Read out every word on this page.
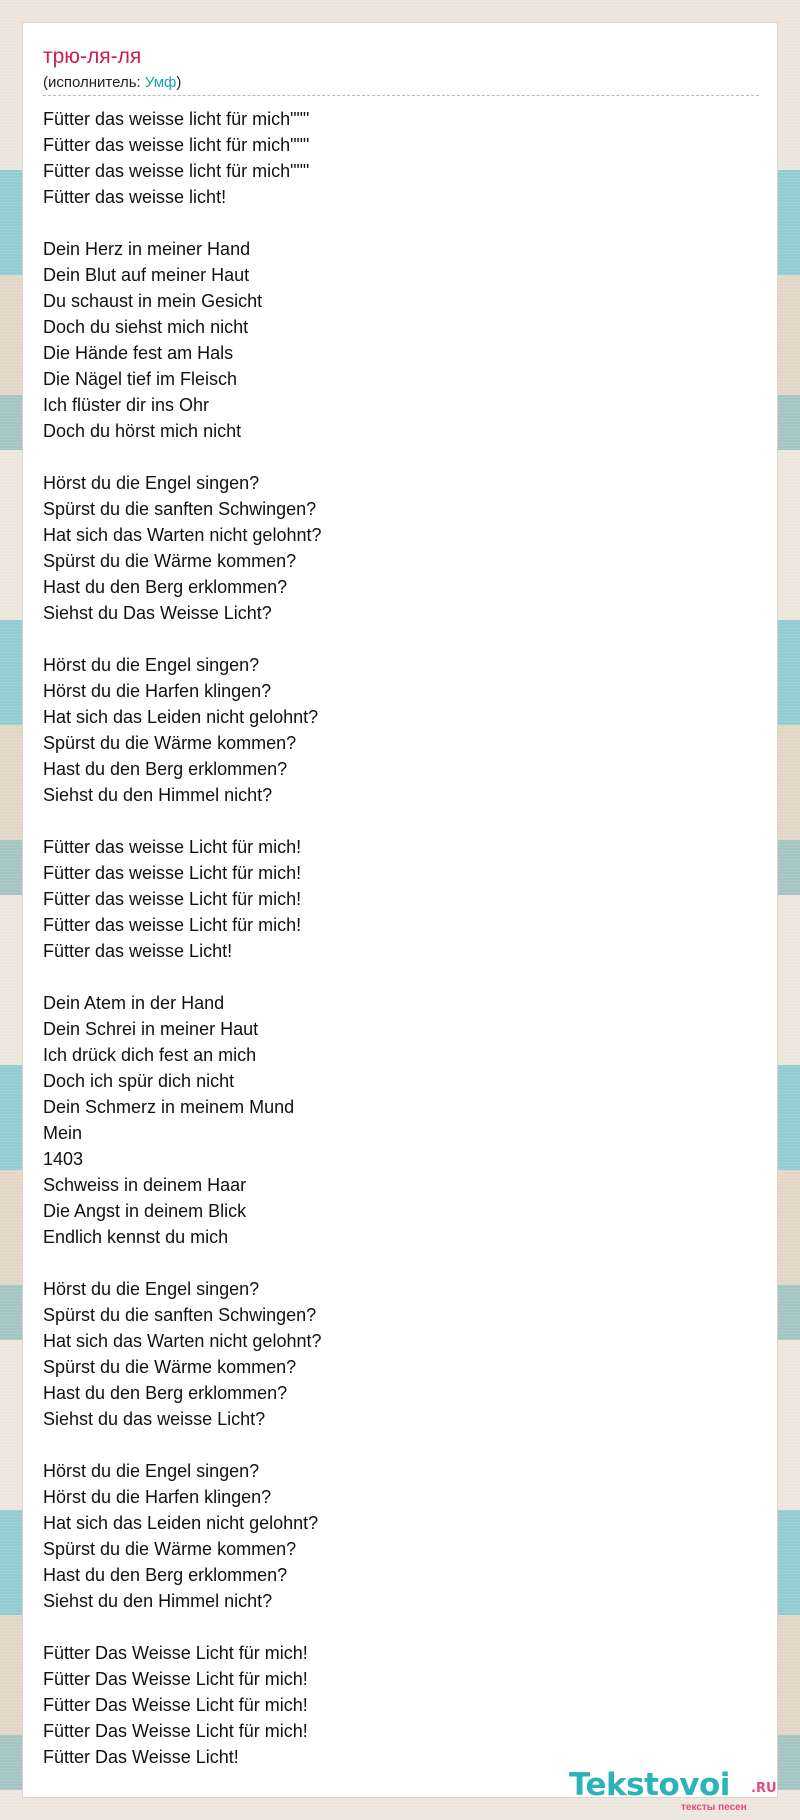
трю-ля-ля
(исполнитель: Умф)
Fütter das weisse licht für mich"""
Fütter das weisse licht für mich"""
Fütter das weisse licht für mich"""
Fütter das weisse licht!
Dein Herz in meiner Hand
Dein Blut auf meiner Haut
Du schaust in mein Gesicht
Doch du siehst mich nicht
Die Hände fest am Hals
Die Nägel tief im Fleisch
Ich flüster dir ins Ohr
Doch du hörst mich nicht
Hörst du die Engel singen?
Spürst du die sanften Schwingen?
Hat sich das Warten nicht gelohnt?
Spürst du die Wärme kommen?
Hast du den Berg erklommen?
Siehst du Das Weisse Licht?
Hörst du die Engel singen?
Hörst du die Harfen klingen?
Hat sich das Leiden nicht gelohnt?
Spürst du die Wärme kommen?
Hast du den Berg erklommen?
Siehst du den Himmel nicht?
Fütter das weisse Licht für mich!
Fütter das weisse Licht für mich!
Fütter das weisse Licht für mich!
Fütter das weisse Licht für mich!
Fütter das weisse Licht!
Dein Atem in der Hand
Dein Schrei in meiner Haut
Ich drück dich fest an mich
Doch ich spür dich nicht
Dein Schmerz in meinem Mund
Mein
1403
Schweiss in deinem Haar
Die Angst in deinem Blick
Endlich kennst du mich
Hörst du die Engel singen?
Spürst du die sanften Schwingen?
Hat sich das Warten nicht gelohnt?
Spürst du die Wärme kommen?
Hast du den Berg erklommen?
Siehst du das weisse Licht?
Hörst du die Engel singen?
Hörst du die Harfen klingen?
Hat sich das Leiden nicht gelohnt?
Spürst du die Wärme kommen?
Hast du den Berg erklommen?
Siehst du den Himmel nicht?
Fütter Das Weisse Licht für mich!
Fütter Das Weisse Licht für mich!
Fütter Das Weisse Licht für mich!
Fütter Das Weisse Licht für mich!
Fütter Das Weisse Licht!
Tekstovoi .RU
тексты песен
